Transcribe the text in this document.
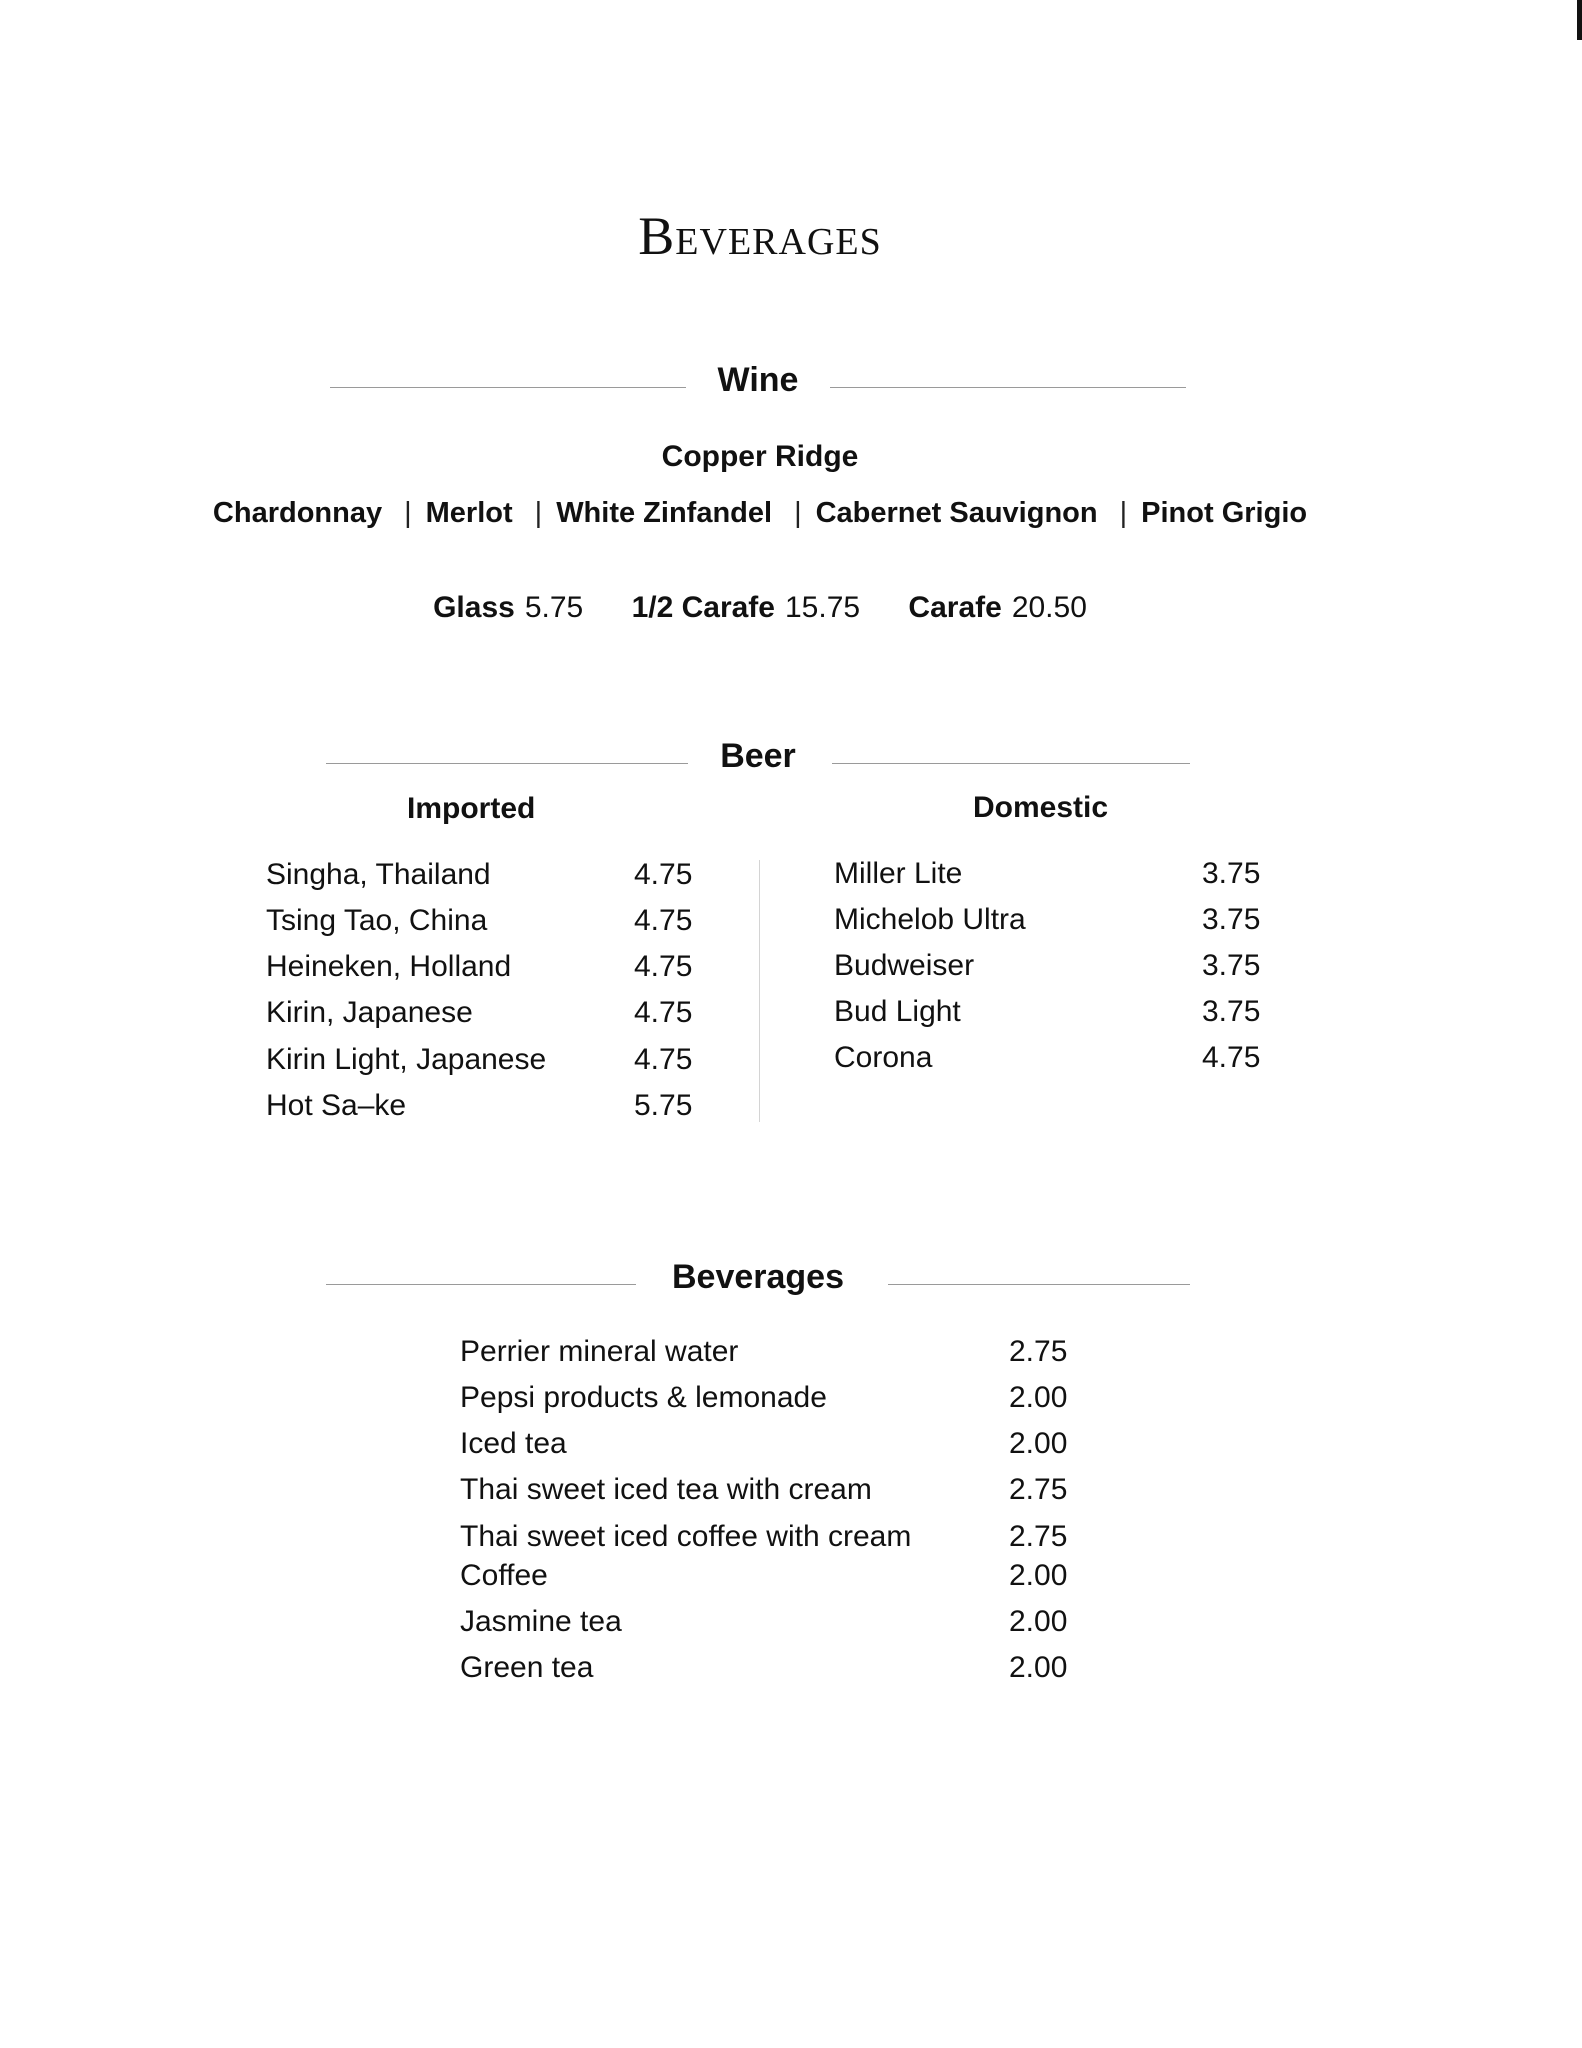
Beverages
Wine
Copper Ridge
Chardonnay | Merlot | White Zinfandel | Cabernet Sauvignon | Pinot Grigio
Glass 5.75 1/2 Carafe 15.75 Carafe 20.50
Beer
Imported	Domestic
Singha, Thailand	4.75
Tsing Tao, China	4.75
Heineken, Holland	4.75
Kirin, Japanese	4.75
Kirin Light, Japanese	4.75
Hot Sa–ke	5.75
Miller Lite	3.75
Michelob Ultra	3.75
Budweiser	3.75
Bud Light	3.75
Corona	4.75
Beverages
Perrier mineral water	2.75
Pepsi products & lemonade	2.00
Iced tea	2.00
Thai sweet iced tea with cream	2.75
Thai sweet iced coffee with cream	2.75
Coffee	2.00
Jasmine tea	2.00
Green tea	2.00
